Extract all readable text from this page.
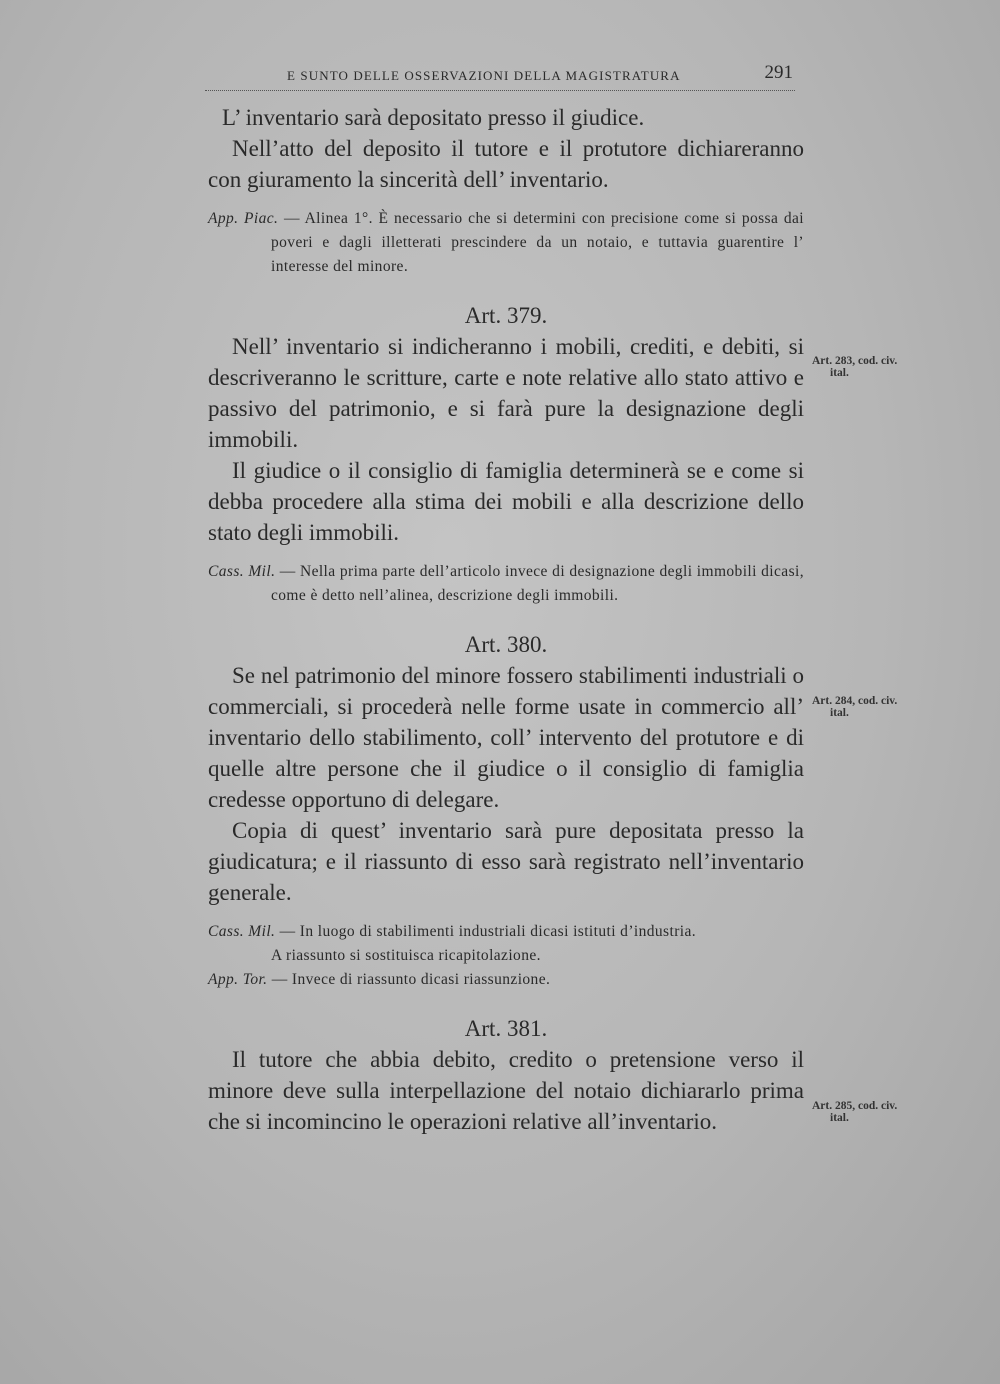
E SUNTO DELLE OSSERVAZIONI DELLA MAGISTRATURA	291

L’ inventario sarà depositato presso il giudice.

Nell’atto del deposito il tutore e il protutore dichiareranno con giuramento la sincerità dell’ inventario.

App. Piac. — Alinea 1°. È necessario che si determini con precisione come si possa dai poveri e dagli illetterati prescindere da un notaio, e tuttavia guarentire l’ interesse del minore.

Art. 379.

Nell’ inventario si indicheranno i mobili, crediti, e debiti, si descriveranno le scritture, carte e note relative allo stato attivo e passivo del patrimonio, e si farà pure la designazione degli immobili.

Il giudice o il consiglio di famiglia determinerà se e come si debba procedere alla stima dei mobili e alla descrizione dello stato degli immobili.

Cass. Mil. — Nella prima parte dell’articolo invece di designazione degli immobili dicasi, come è detto nell’alinea, descrizione degli immobili.

Art. 380.

Se nel patrimonio del minore fossero stabilimenti industriali o commerciali, si procederà nelle forme usate in commercio all’ inventario dello stabilimento, coll’ intervento del protutore e di quelle altre persone che il giudice o il consiglio di famiglia credesse opportuno di delegare.

Copia di quest’ inventario sarà pure depositata presso la giudicatura; e il riassunto di esso sarà registrato nell’inventario generale.

Cass. Mil. — In luogo di stabilimenti industriali dicasi istituti d’industria.

A riassunto si sostituisca ricapitolazione.

App. Tor. — Invece di riassunto dicasi riassunzione.

Art. 381.

Il tutore che abbia debito, credito o pretensione verso il minore deve sulla interpellazione del notaio dichiararlo prima che si incomincino le operazioni relative all’inventario.

Art. 283, cod. civ.
ital.
Art. 284, cod. civ.
ital.
Art. 285, cod. civ.
ital.
